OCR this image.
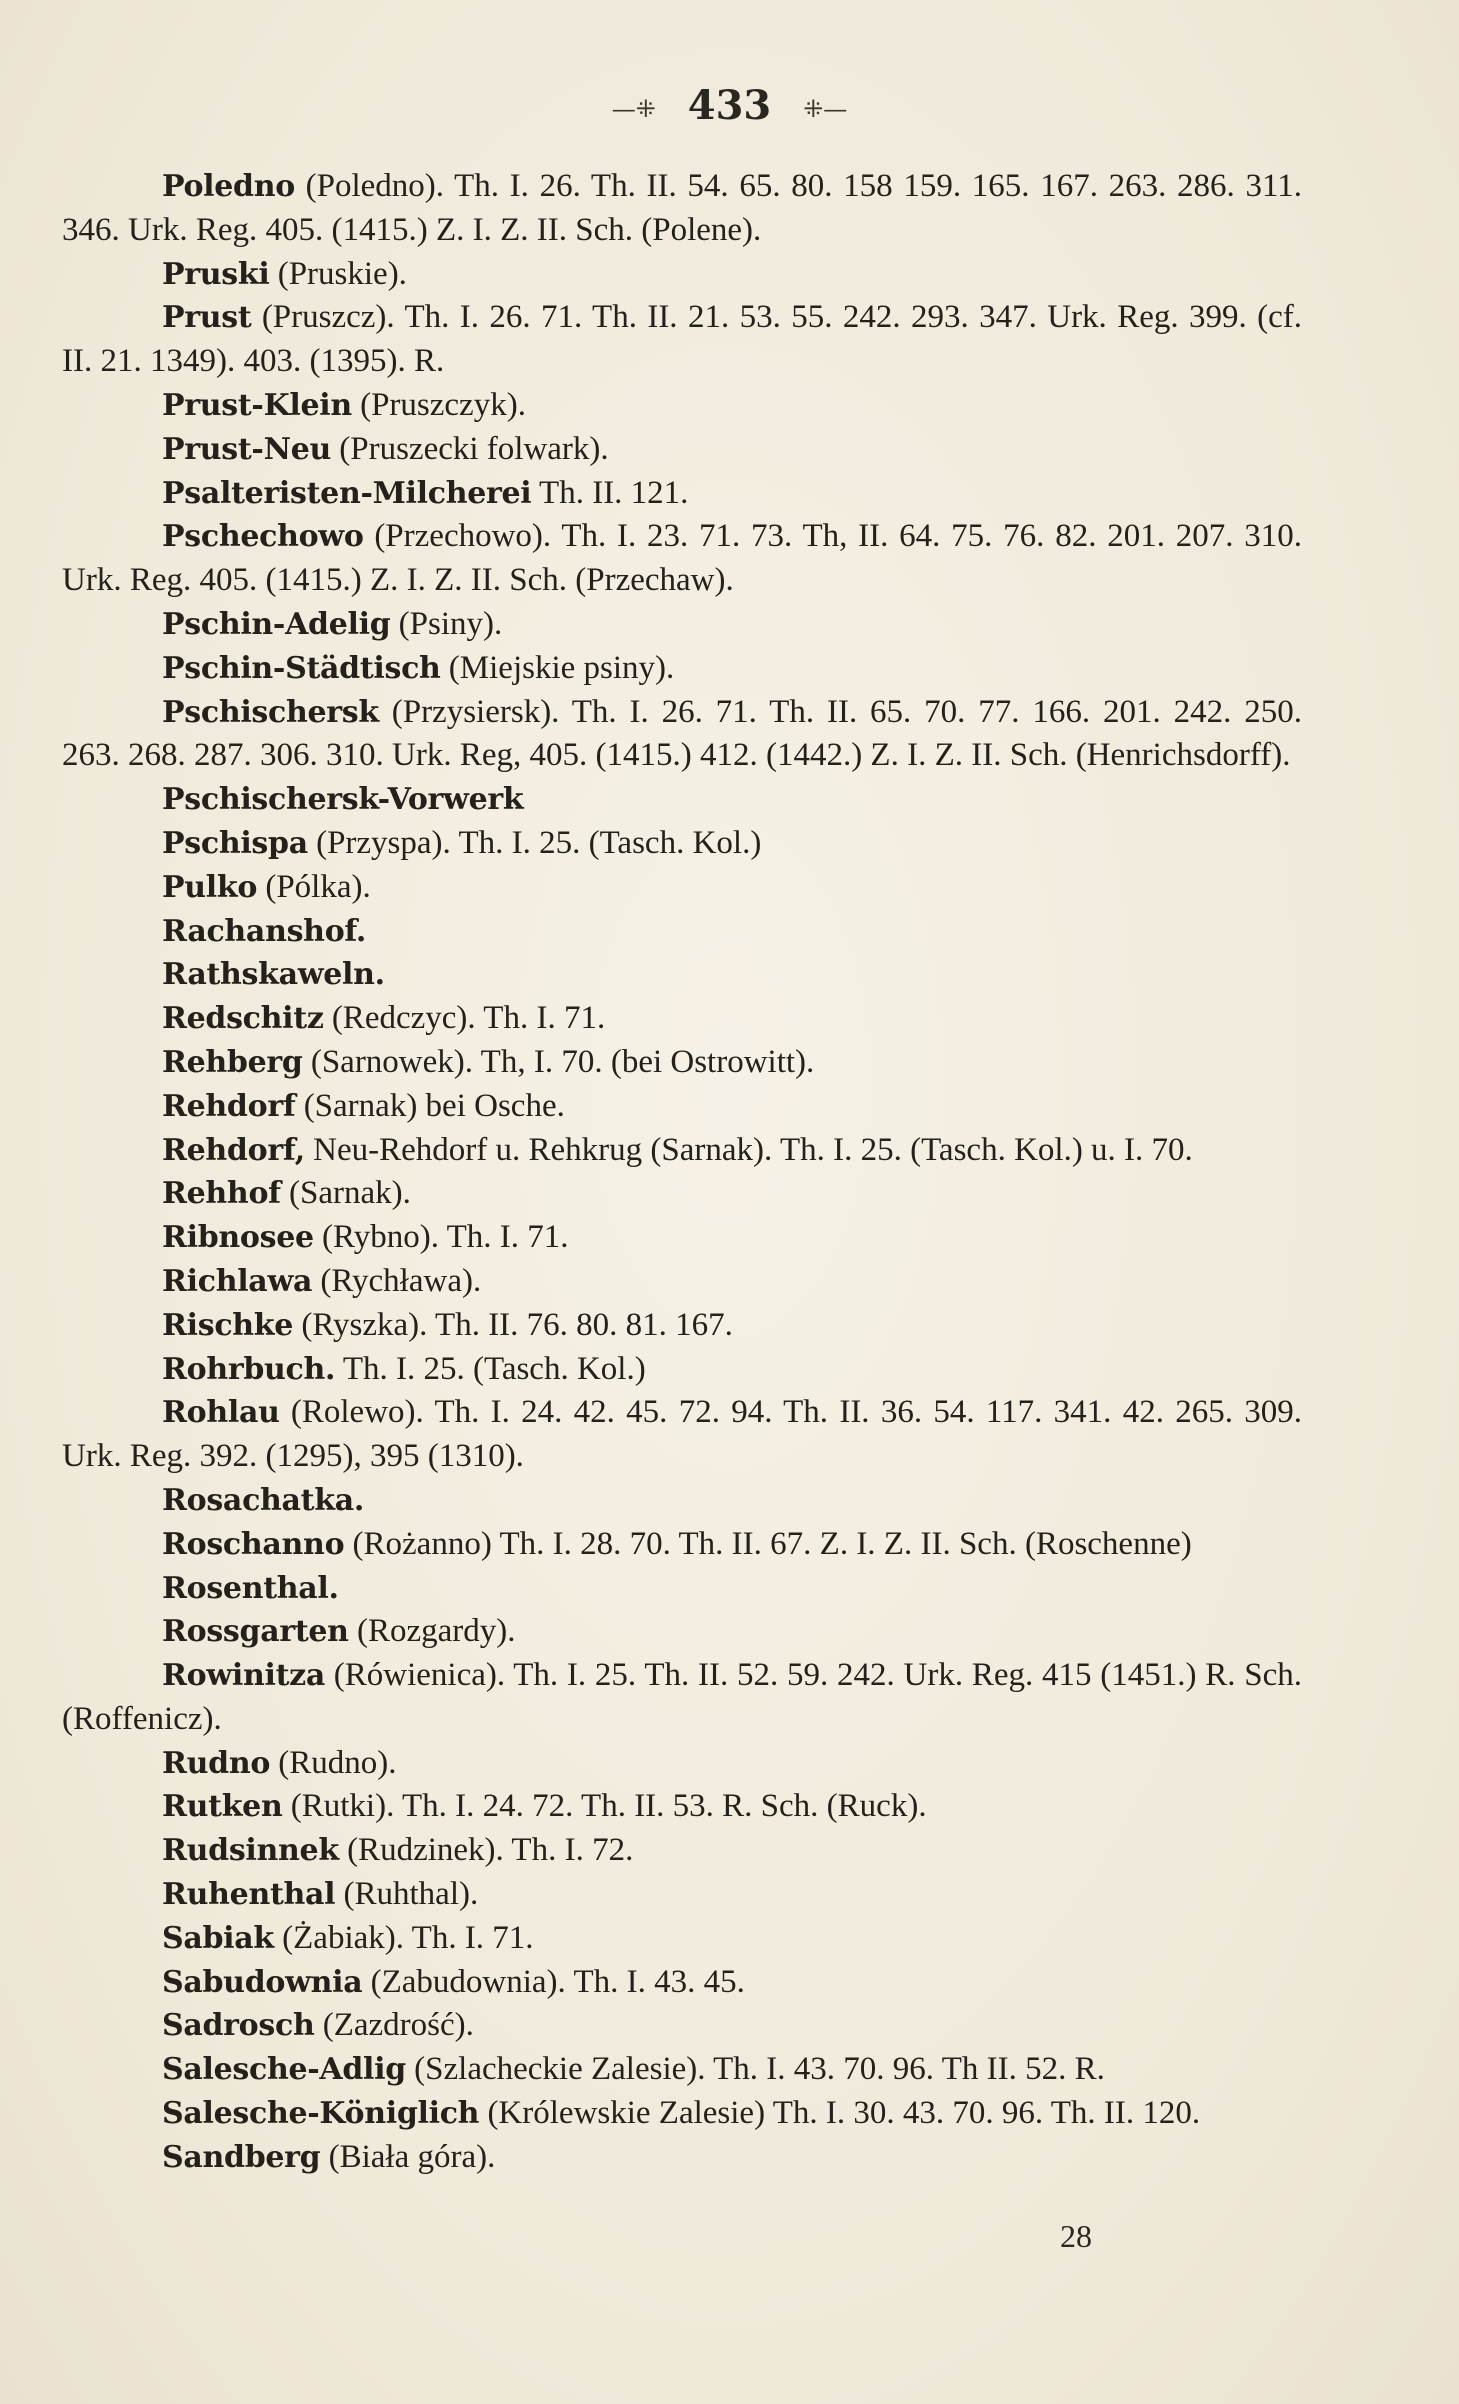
—⁜ 433 ⁜—

Poledno (Poledno). Th. I. 26. Th. II. 54. 65. 80. 158 159. 165. 167. 263. 286. 311. 346. Urk. Reg. 405. (1415.) Z. I. Z. II. Sch. (Polene).

Pruski (Pruskie).

Prust (Pruszcz). Th. I. 26. 71. Th. II. 21. 53. 55. 242. 293. 347. Urk. Reg. 399. (cf. II. 21. 1349). 403. (1395). R.

Prust-Klein (Pruszczyk).

Prust-Neu (Pruszecki folwark).

Psalteristen-Milcherei Th. II. 121.

Pschechowo (Przechowo). Th. I. 23. 71. 73. Th, II. 64. 75. 76. 82. 201. 207. 310. Urk. Reg. 405. (1415.) Z. I. Z. II. Sch. (Przechaw).

Pschin-Adelig (Psiny).

Pschin-Städtisch (Miejskie psiny).

Pschischersk (Przysiersk). Th. I. 26. 71. Th. II. 65. 70. 77. 166. 201. 242. 250. 263. 268. 287. 306. 310. Urk. Reg, 405. (1415.) 412. (1442.) Z. I. Z. II. Sch. (Henrichsdorff).

Pschischersk-Vorwerk

Pschispa (Przyspa). Th. I. 25. (Tasch. Kol.)

Pulko (Pólka).

Rachanshof.

Rathskaweln.

Redschitz (Redczyc). Th. I. 71.

Rehberg (Sarnowek). Th, I. 70. (bei Ostrowitt).

Rehdorf (Sarnak) bei Osche.

Rehdorf, Neu-Rehdorf u. Rehkrug (Sarnak). Th. I. 25. (Tasch. Kol.) u. I. 70.

Rehhof (Sarnak).

Ribnosee (Rybno). Th. I. 71.

Richlawa (Rychława).

Rischke (Ryszka). Th. II. 76. 80. 81. 167.

Rohrbuch. Th. I. 25. (Tasch. Kol.)

Rohlau (Rolewo). Th. I. 24. 42. 45. 72. 94. Th. II. 36. 54. 117. 341. 42. 265. 309. Urk. Reg. 392. (1295), 395 (1310).

Rosachatka.

Roschanno (Rożanno) Th. I. 28. 70. Th. II. 67. Z. I. Z. II. Sch. (Roschenne)

Rosenthal.

Rossgarten (Rozgardy).

Rowinitza (Rówienica). Th. I. 25. Th. II. 52. 59. 242. Urk. Reg. 415 (1451.) R. Sch. (Roffenicz).

Rudno (Rudno).

Rutken (Rutki). Th. I. 24. 72. Th. II. 53. R. Sch. (Ruck).

Rudsinnek (Rudzinek). Th. I. 72.

Ruhenthal (Ruhthal).

Sabiak (Żabiak). Th. I. 71.

Sabudownia (Zabudownia). Th. I. 43. 45.

Sadrosch (Zazdrość).

Salesche-Adlig (Szlacheckie Zalesie). Th. I. 43. 70. 96. Th II. 52. R.

Salesche-Königlich (Królewskie Zalesie) Th. I. 30. 43. 70. 96. Th. II. 120.

Sandberg (Biała góra).

28
